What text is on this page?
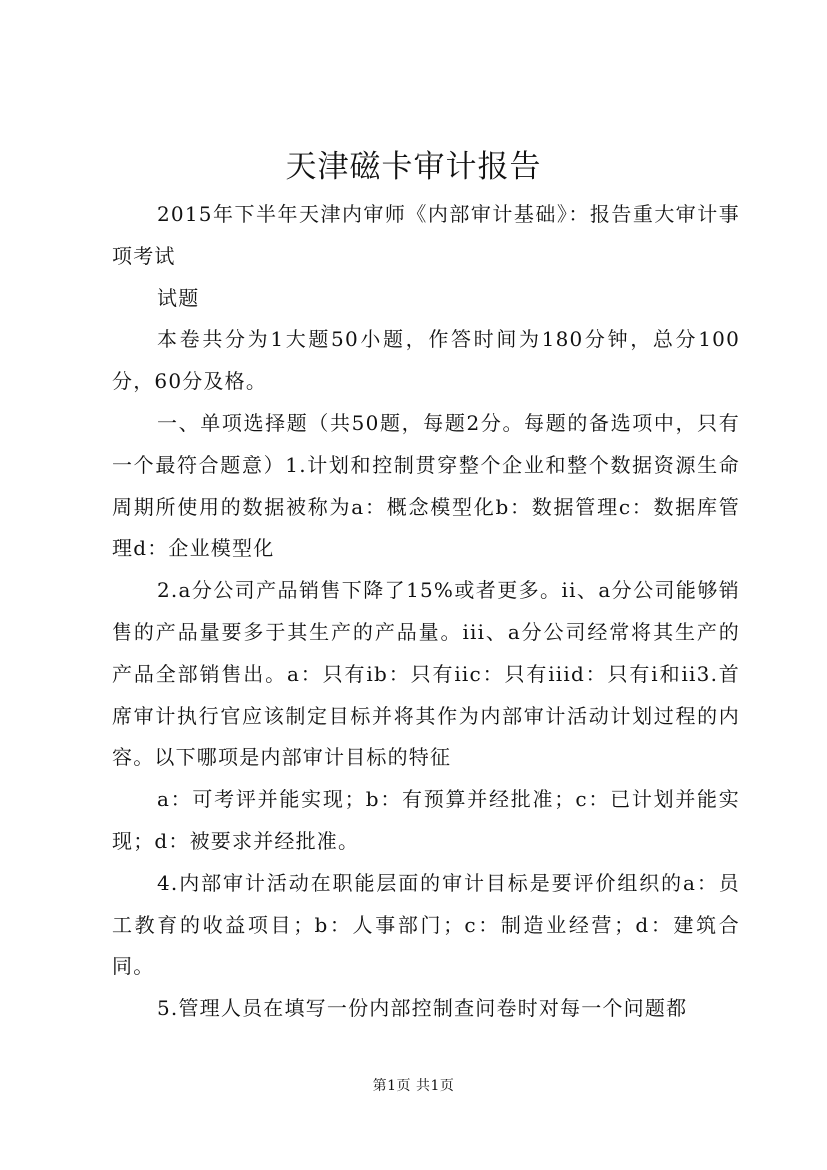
天津磁卡审计报告

2015年下半年天津内审师《内部审计基础》：报告重大审计事项考试

试题

本卷共分为1大题50小题，作答时间为180分钟，总分100分，60分及格。

一、单项选择题（共50题，每题2分。每题的备选项中，只有一个最符合题意）1.计划和控制贯穿整个企业和整个数据资源生命周期所使用的数据被称为a：概念模型化b：数据管理c：数据库管理d：企业模型化

2.a分公司产品销售下降了15%或者更多。ii、a分公司能够销售的产品量要多于其生产的产品量。iii、a分公司经常将其生产的产品全部销售出。a：只有ib：只有iic：只有iiid：只有i和ii3.首席审计执行官应该制定目标并将其作为内部审计活动计划过程的内容。以下哪项是内部审计目标的特征

a：可考评并能实现；b：有预算并经批准；c：已计划并能实现；d：被要求并经批准。

4.内部审计活动在职能层面的审计目标是要评价组织的a：员工教育的收益项目；b：人事部门；c：制造业经营；d：建筑合同。

5.管理人员在填写一份内部控制查问卷时对每一个问题都

第1页 共1页
